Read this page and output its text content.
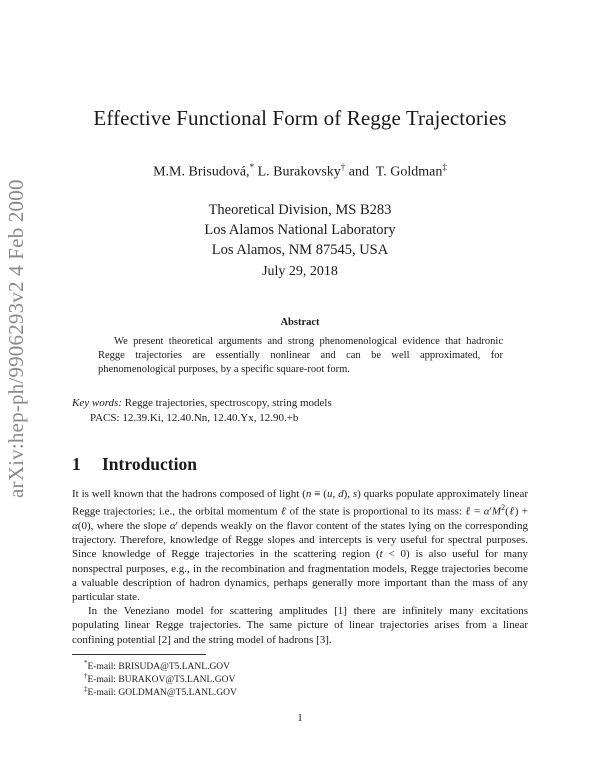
arXiv:hep-ph/9906293v2 4 Feb 2000
Effective Functional Form of Regge Trajectories
M.M. Brisudová,* L. Burakovsky† and T. Goldman‡
Theoretical Division, MS B283
Los Alamos National Laboratory
Los Alamos, NM 87545, USA
July 29, 2018
Abstract
We present theoretical arguments and strong phenomenological evidence that hadronic Regge trajectories are essentially nonlinear and can be well approximated, for phenomenological purposes, by a specific square-root form.
Key words: Regge trajectories, spectroscopy, string models
PACS: 12.39.Ki, 12.40.Nn, 12.40.Yx, 12.90.+b
1 Introduction

It is well known that the hadrons composed of light (n ≡ (u, d), s) quarks populate approximately linear Regge trajectories; i.e., the orbital momentum ℓ of the state is proportional to its mass: ℓ = $\alpha'M^2(\ell) + \alpha(0)$, where the slope α′ depends weakly on the flavor content of the states lying on the corresponding trajectory. Therefore, knowledge of Regge slopes and intercepts is very useful for spectral purposes. Since knowledge of Regge trajectories in the scattering region (t < 0) is also useful for many nonspectral purposes, e.g., in the recombination and fragmentation models, Regge trajectories become a valuable description of hadron dynamics, perhaps generally more important than the mass of any particular state.

In the Veneziano model for scattering amplitudes [1] there are infinitely many excitations populating linear Regge trajectories. The same picture of linear trajectories arises from a linear confining potential [2] and the string model of hadrons [3].

*E-mail: BRISUDA@T5.LANL.GOV
†E-mail: BURAKOV@T5.LANL.GOV
‡E-mail: GOLDMAN@T5.LANL.GOV
1
